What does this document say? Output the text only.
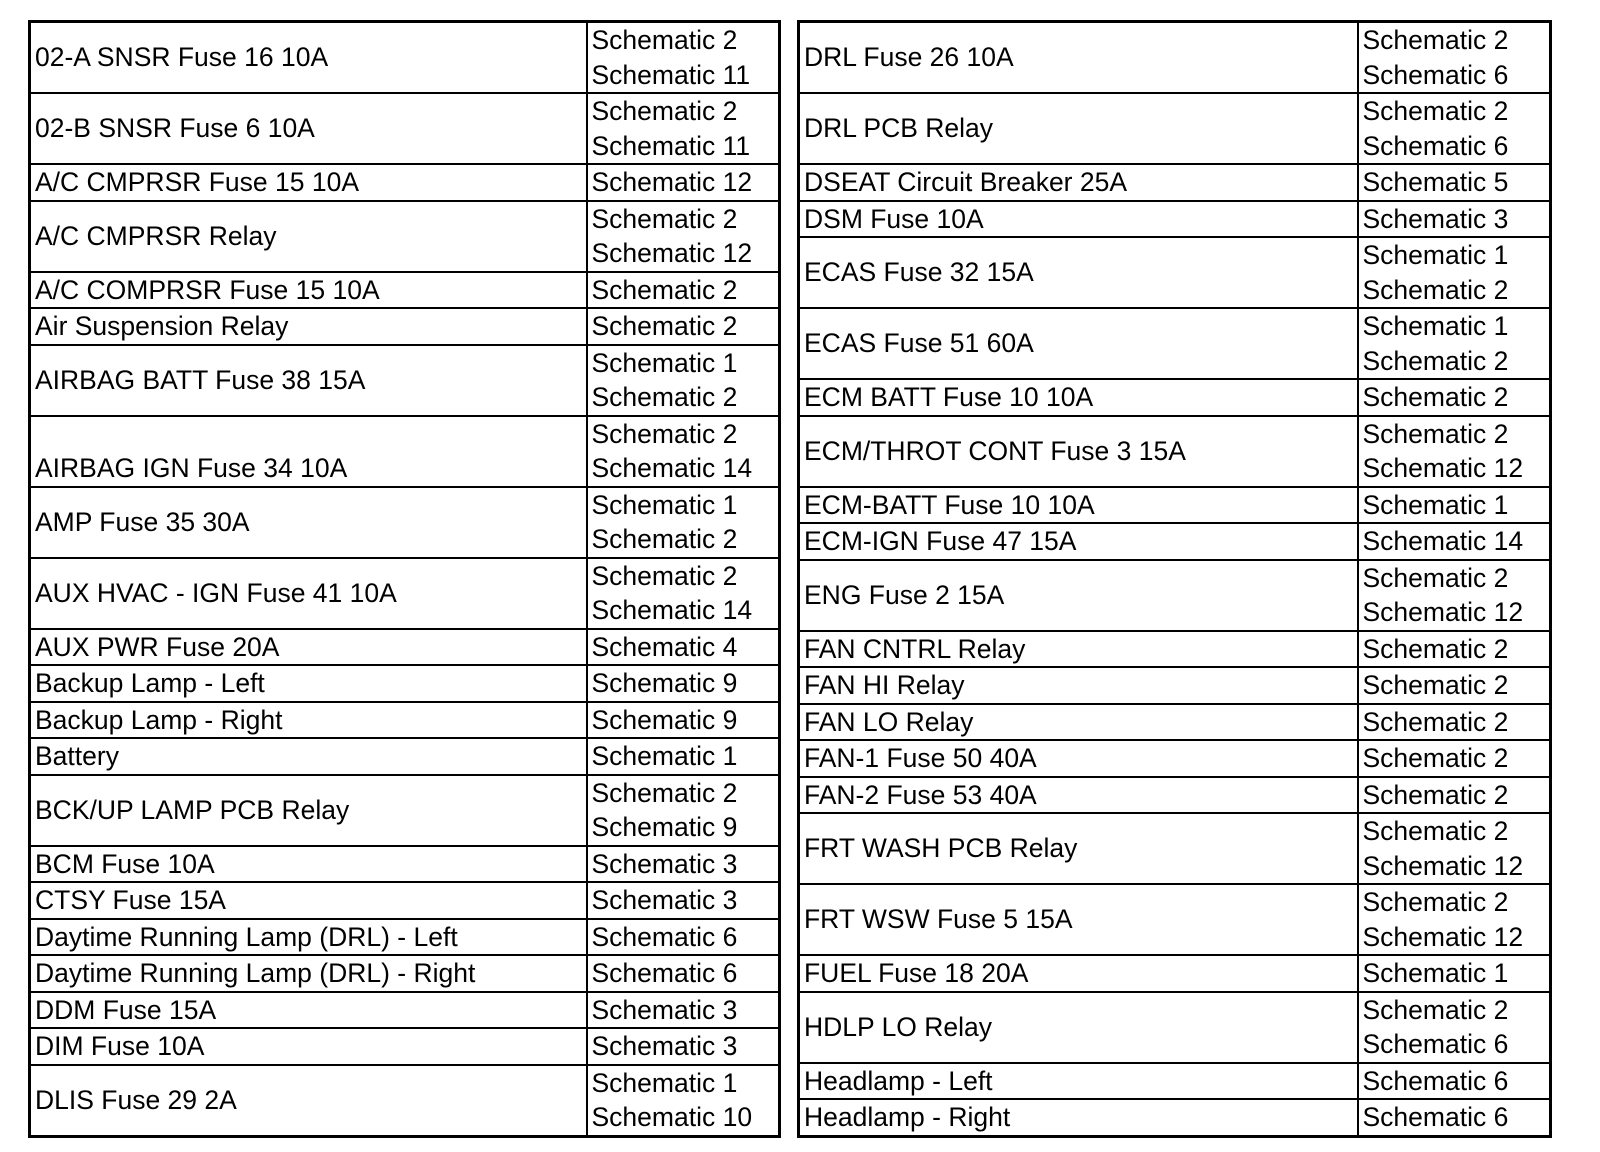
02-A SNSR Fuse 16 10A	Schematic 2
Schematic 11

02-B SNSR Fuse 6 10A	Schematic 2
Schematic 11

A/C CMPRSR Fuse 15 10A	Schematic 12

A/C CMPRSR Relay	Schematic 2
Schematic 12

A/C COMPRSR Fuse 15 10A	Schematic 2

Air Suspension Relay	Schematic 2

AIRBAG BATT Fuse 38 15A	Schematic 1
Schematic 2

AIRBAG IGN Fuse 34 10A	Schematic 2
Schematic 14

AMP Fuse 35 30A	Schematic 1
Schematic 2

AUX HVAC - IGN Fuse 41 10A	Schematic 2
Schematic 14

AUX PWR Fuse 20A	Schematic 4

Backup Lamp - Left	Schematic 9

Backup Lamp - Right	Schematic 9

Battery	Schematic 1

BCK/UP LAMP PCB Relay	Schematic 2
Schematic 9

BCM Fuse 10A	Schematic 3

CTSY Fuse 15A	Schematic 3

Daytime Running Lamp (DRL) - Left	Schematic 6

Daytime Running Lamp (DRL) - Right	Schematic 6

DDM Fuse 15A	Schematic 3

DIM Fuse 10A	Schematic 3

DLIS Fuse 29 2A	Schematic 1
Schematic 10
DRL Fuse 26 10A	Schematic 2
Schematic 6

DRL PCB Relay	Schematic 2
Schematic 6

DSEAT Circuit Breaker 25A	Schematic 5

DSM Fuse 10A	Schematic 3

ECAS Fuse 32 15A	Schematic 1
Schematic 2

ECAS Fuse 51 60A	Schematic 1
Schematic 2

ECM BATT Fuse 10 10A	Schematic 2

ECM/THROT CONT Fuse 3 15A	Schematic 2
Schematic 12

ECM-BATT Fuse 10 10A	Schematic 1

ECM-IGN Fuse 47 15A	Schematic 14

ENG Fuse 2 15A	Schematic 2
Schematic 12

FAN CNTRL Relay	Schematic 2

FAN HI Relay	Schematic 2

FAN LO Relay	Schematic 2

FAN-1 Fuse 50 40A	Schematic 2

FAN-2 Fuse 53 40A	Schematic 2

FRT WASH PCB Relay	Schematic 2
Schematic 12

FRT WSW Fuse 5 15A	Schematic 2
Schematic 12

FUEL Fuse 18 20A	Schematic 1

HDLP LO Relay	Schematic 2
Schematic 6

Headlamp - Left	Schematic 6

Headlamp - Right	Schematic 6
